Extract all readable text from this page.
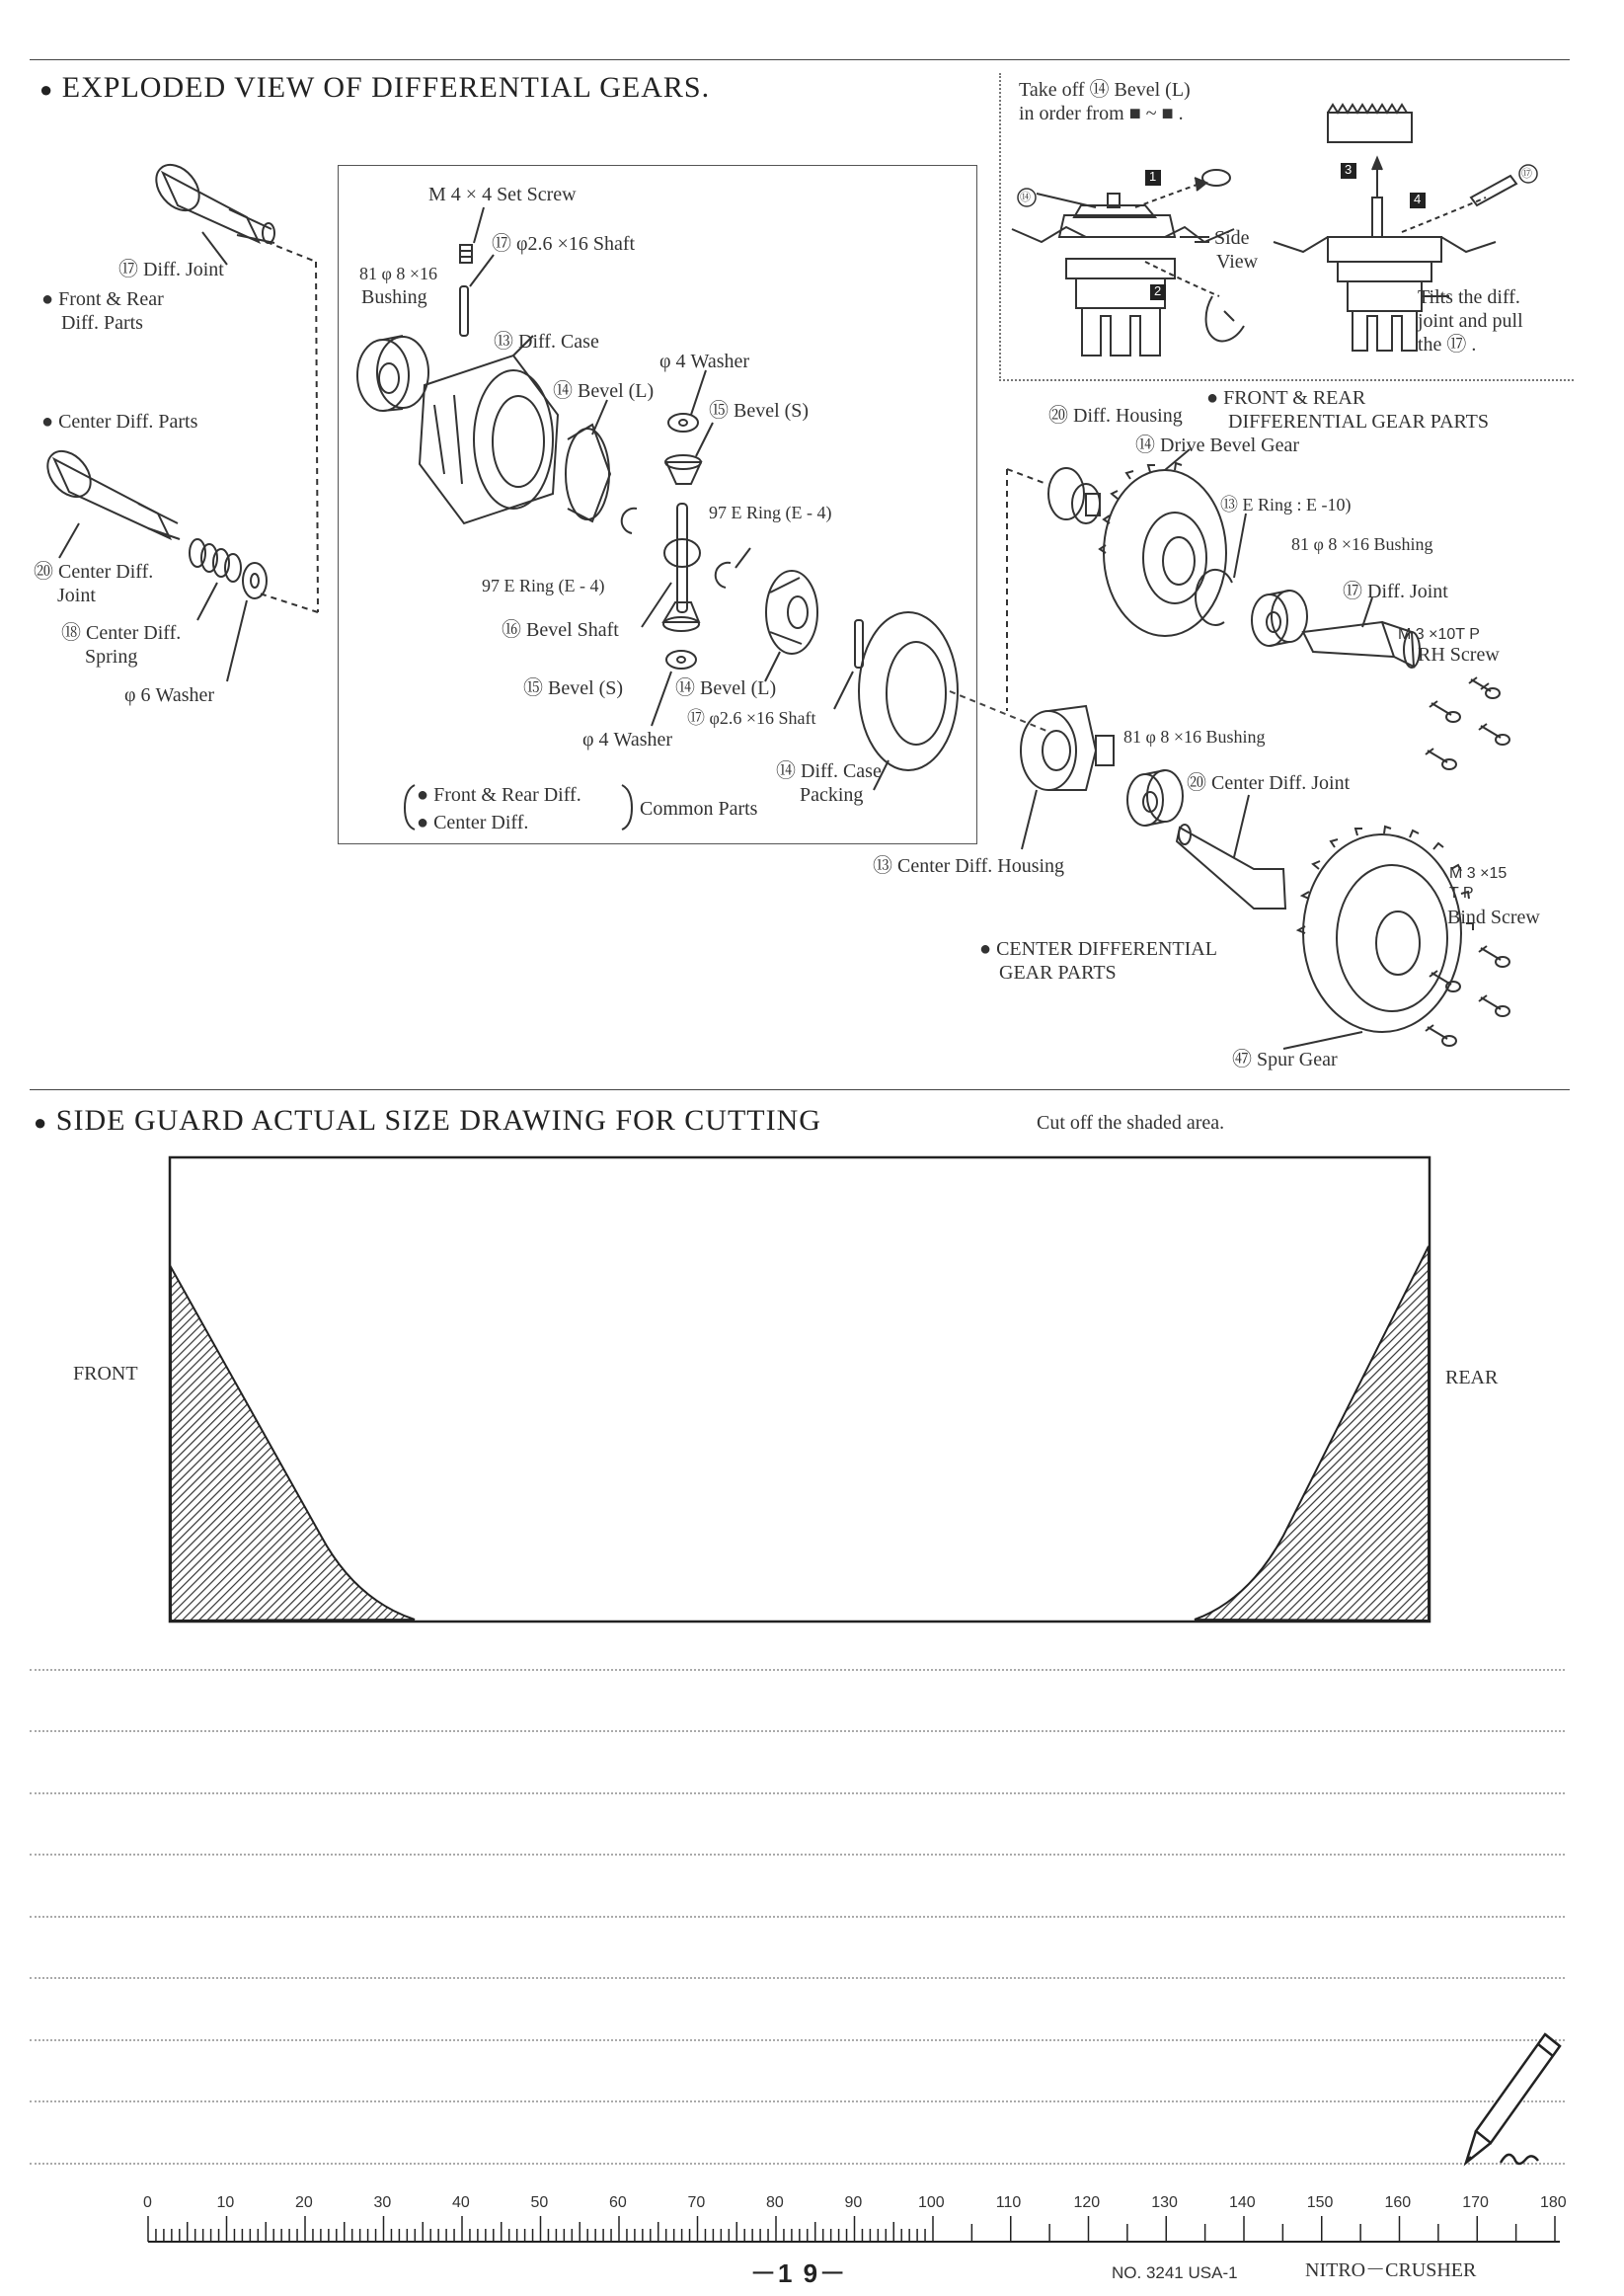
● EXPLODED VIEW OF DIFFERENTIAL GEARS.
⑰ Diff. Joint
● Front & Rear
Diff. Parts
● Center Diff. Parts
⑳ Center Diff.
Joint
⑱ Center Diff.
Spring
φ 6 Washer
M 4 × 4 Set Screw
⑰ φ2.6 ×16 Shaft
81 φ 8 ×16
Bushing
⑬ Diff. Case
φ 4 Washer
⑭ Bevel (L)
⑮ Bevel (S)
97 E Ring (E - 4)
97 E Ring (E - 4)
⑯ Bevel Shaft
⑮ Bevel (S)	⑭ Bevel (L)
⑰ φ2.6 ×16 Shaft
φ 4 Washer
⑭ Diff. Case
Packing
● Front & Rear Diff.
● Center Diff.
Common Parts
Take off ⑭ Bevel (L)
in order from ■ ~ ■ .
1
2
3
4
⑭
⑰
Side
View
Tilts the diff.
joint and pull
the ⑰ .
● FRONT & REAR
DIFFERENTIAL GEAR PARTS
⑳ Diff. Housing
⑭ Drive Bevel Gear
⑬ E Ring : E -10)
81 φ 8 ×16 Bushing
⑰ Diff. Joint
M 3 ×10T P
RH Screw
81 φ 8 ×16 Bushing
⑳ Center Diff. Joint
⑬ Center Diff. Housing	M 3 ×15
T P
Bind Screw
● CENTER DIFFERENTIAL
GEAR PARTS
㊼ Spur Gear
● SIDE GUARD ACTUAL SIZE DRAWING FOR CUTTING	Cut off the shaded area.
FRONT	REAR
0	10	20	30	40	50	60	70	80	90	100	110	120	130	140	150	160	170	180
－1 9－	NO. 3241 USA-1	NITRO－CRUSHER
